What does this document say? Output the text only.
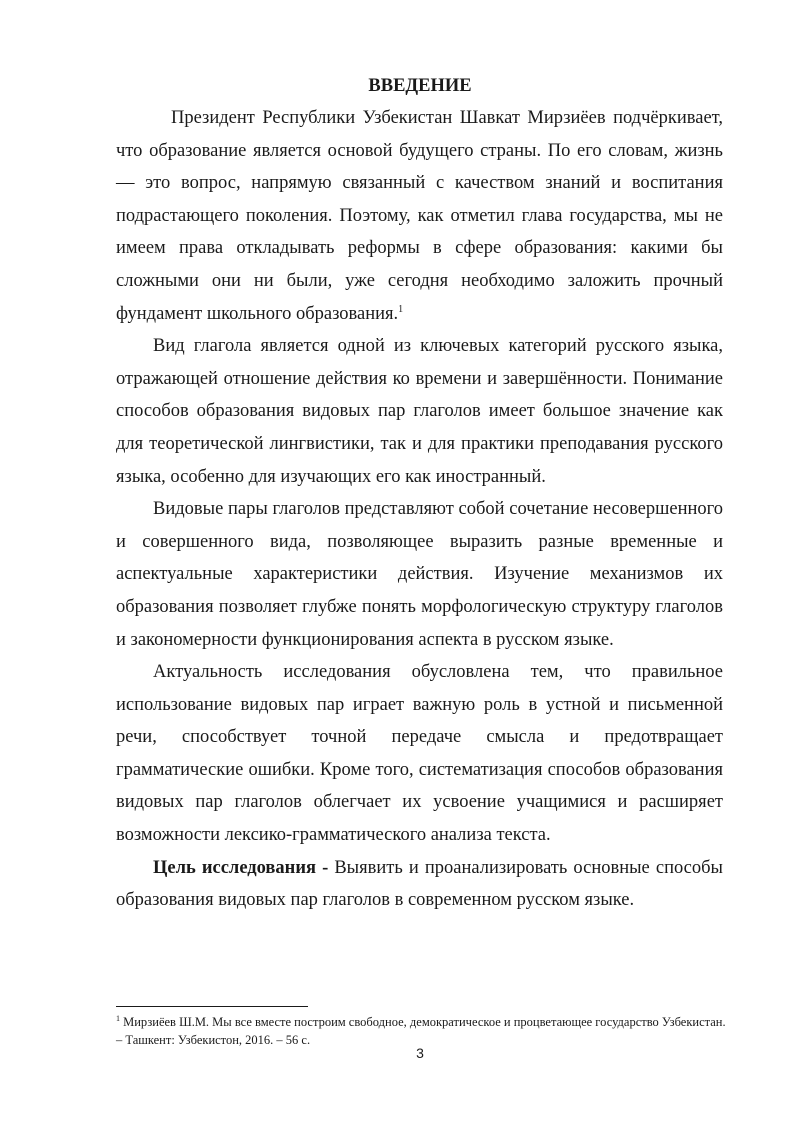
ВВЕДЕНИЕ

Президент Республики Узбекистан Шавкат Мирзиёев подчёркивает, что образование является основой будущего страны. По его словам, жизнь — это вопрос, напрямую связанный с качеством знаний и воспитания подрастающего поколения. Поэтому, как отметил глава государства, мы не имеем права откладывать реформы в сфере образования: какими бы сложными они ни были, уже сегодня необходимо заложить прочный фундамент школьного образования.$^1$

Вид глагола является одной из ключевых категорий русского языка, отражающей отношение действия ко времени и завершённости. Понимание способов образования видовых пар глаголов имеет большое значение как для теоретической лингвистики, так и для практики преподавания русского языка, особенно для изучающих его как иностранный.

Видовые пары глаголов представляют собой сочетание несовершенного и совершенного вида, позволяющее выразить разные временные и аспектуальные характеристики действия. Изучение механизмов их образования позволяет глубже понять морфологическую структуру глаголов и закономерности функционирования аспекта в русском языке.

Актуальность исследования обусловлена тем, что правильное использование видовых пар играет важную роль в устной и письменной речи, способствует точной передаче смысла и предотвращает грамматические ошибки. Кроме того, систематизация способов образования видовых пар глаголов облегчает их усвоение учащимися и расширяет возможности лексико-грамматического анализа текста.

Цель исследования - Выявить и проанализировать основные способы образования видовых пар глаголов в современном русском языке.

$^1$ Мирзиёев Ш.М. Мы все вместе построим свободное, демократическое и процветающее государство Узбекистан. – Ташкент: Узбекистон, 2016. – 56 с.
3
